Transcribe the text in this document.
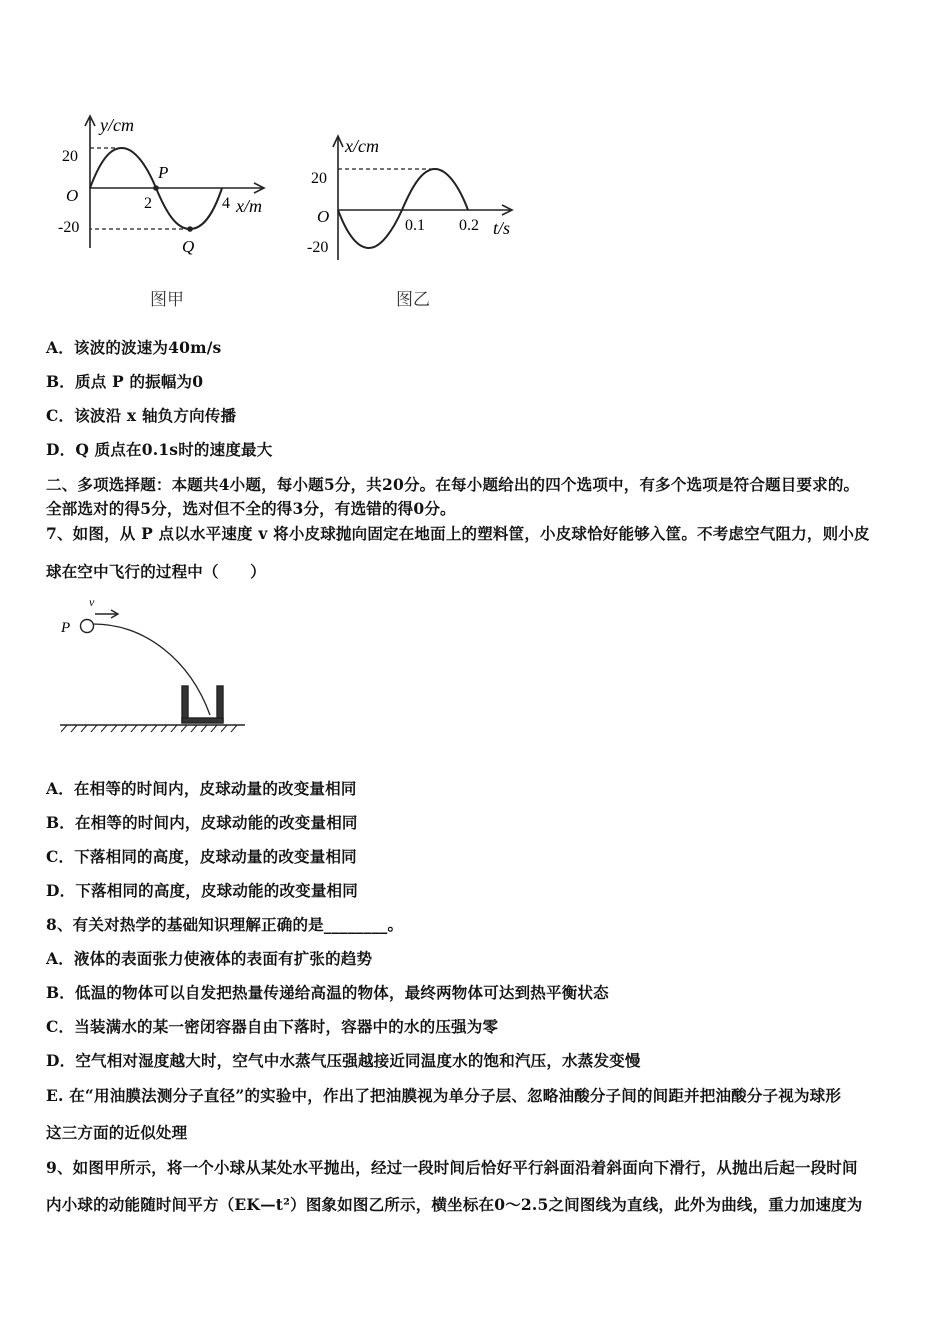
y/cm
20
O
-20
2	4 x/m
P
Q
图甲
x/cm
20
O
-20
0.1 0.2 t/s
图乙
A．该波的波速为40m/s
B．质点 P 的振幅为0
C．该波沿 x 轴负方向传播
D．Q 质点在0.1s时的速度最大
二、多项选择题：本题共4小题，每小题5分，共20分。在每小题给出的四个选项中，有多个选项是符合题目要求的。
全部选对的得5分，选对但不全的得3分，有选错的得0分。
7、如图，从 P 点以水平速度 v 将小皮球抛向固定在地面上的塑料筐，小皮球恰好能够入筐。不考虑空气阻力，则小皮
球在空中飞行的过程中（　　）
P
v
A．在相等的时间内，皮球动量的改变量相同
B．在相等的时间内，皮球动能的改变量相同
C．下落相同的高度，皮球动量的改变量相同
D．下落相同的高度，皮球动能的改变量相同
8、有关对热学的基础知识理解正确的是________。
A．液体的表面张力使液体的表面有扩张的趋势
B．低温的物体可以自发把热量传递给高温的物体，最终两物体可达到热平衡状态
C．当装满水的某一密闭容器自由下落时，容器中的水的压强为零
D．空气相对湿度越大时，空气中水蒸气压强越接近同温度水的饱和汽压，水蒸发变慢
E. 在“用油膜法测分子直径”的实验中，作出了把油膜视为单分子层、忽略油酸分子间的间距并把油酸分子视为球形
这三方面的近似处理
9、如图甲所示，将一个小球从某处水平抛出，经过一段时间后恰好平行斜面沿着斜面向下滑行，从抛出后起一段时间
内小球的动能随时间平方（EK—t²）图象如图乙所示，横坐标在0～2.5之间图线为直线，此外为曲线，重力加速度为
